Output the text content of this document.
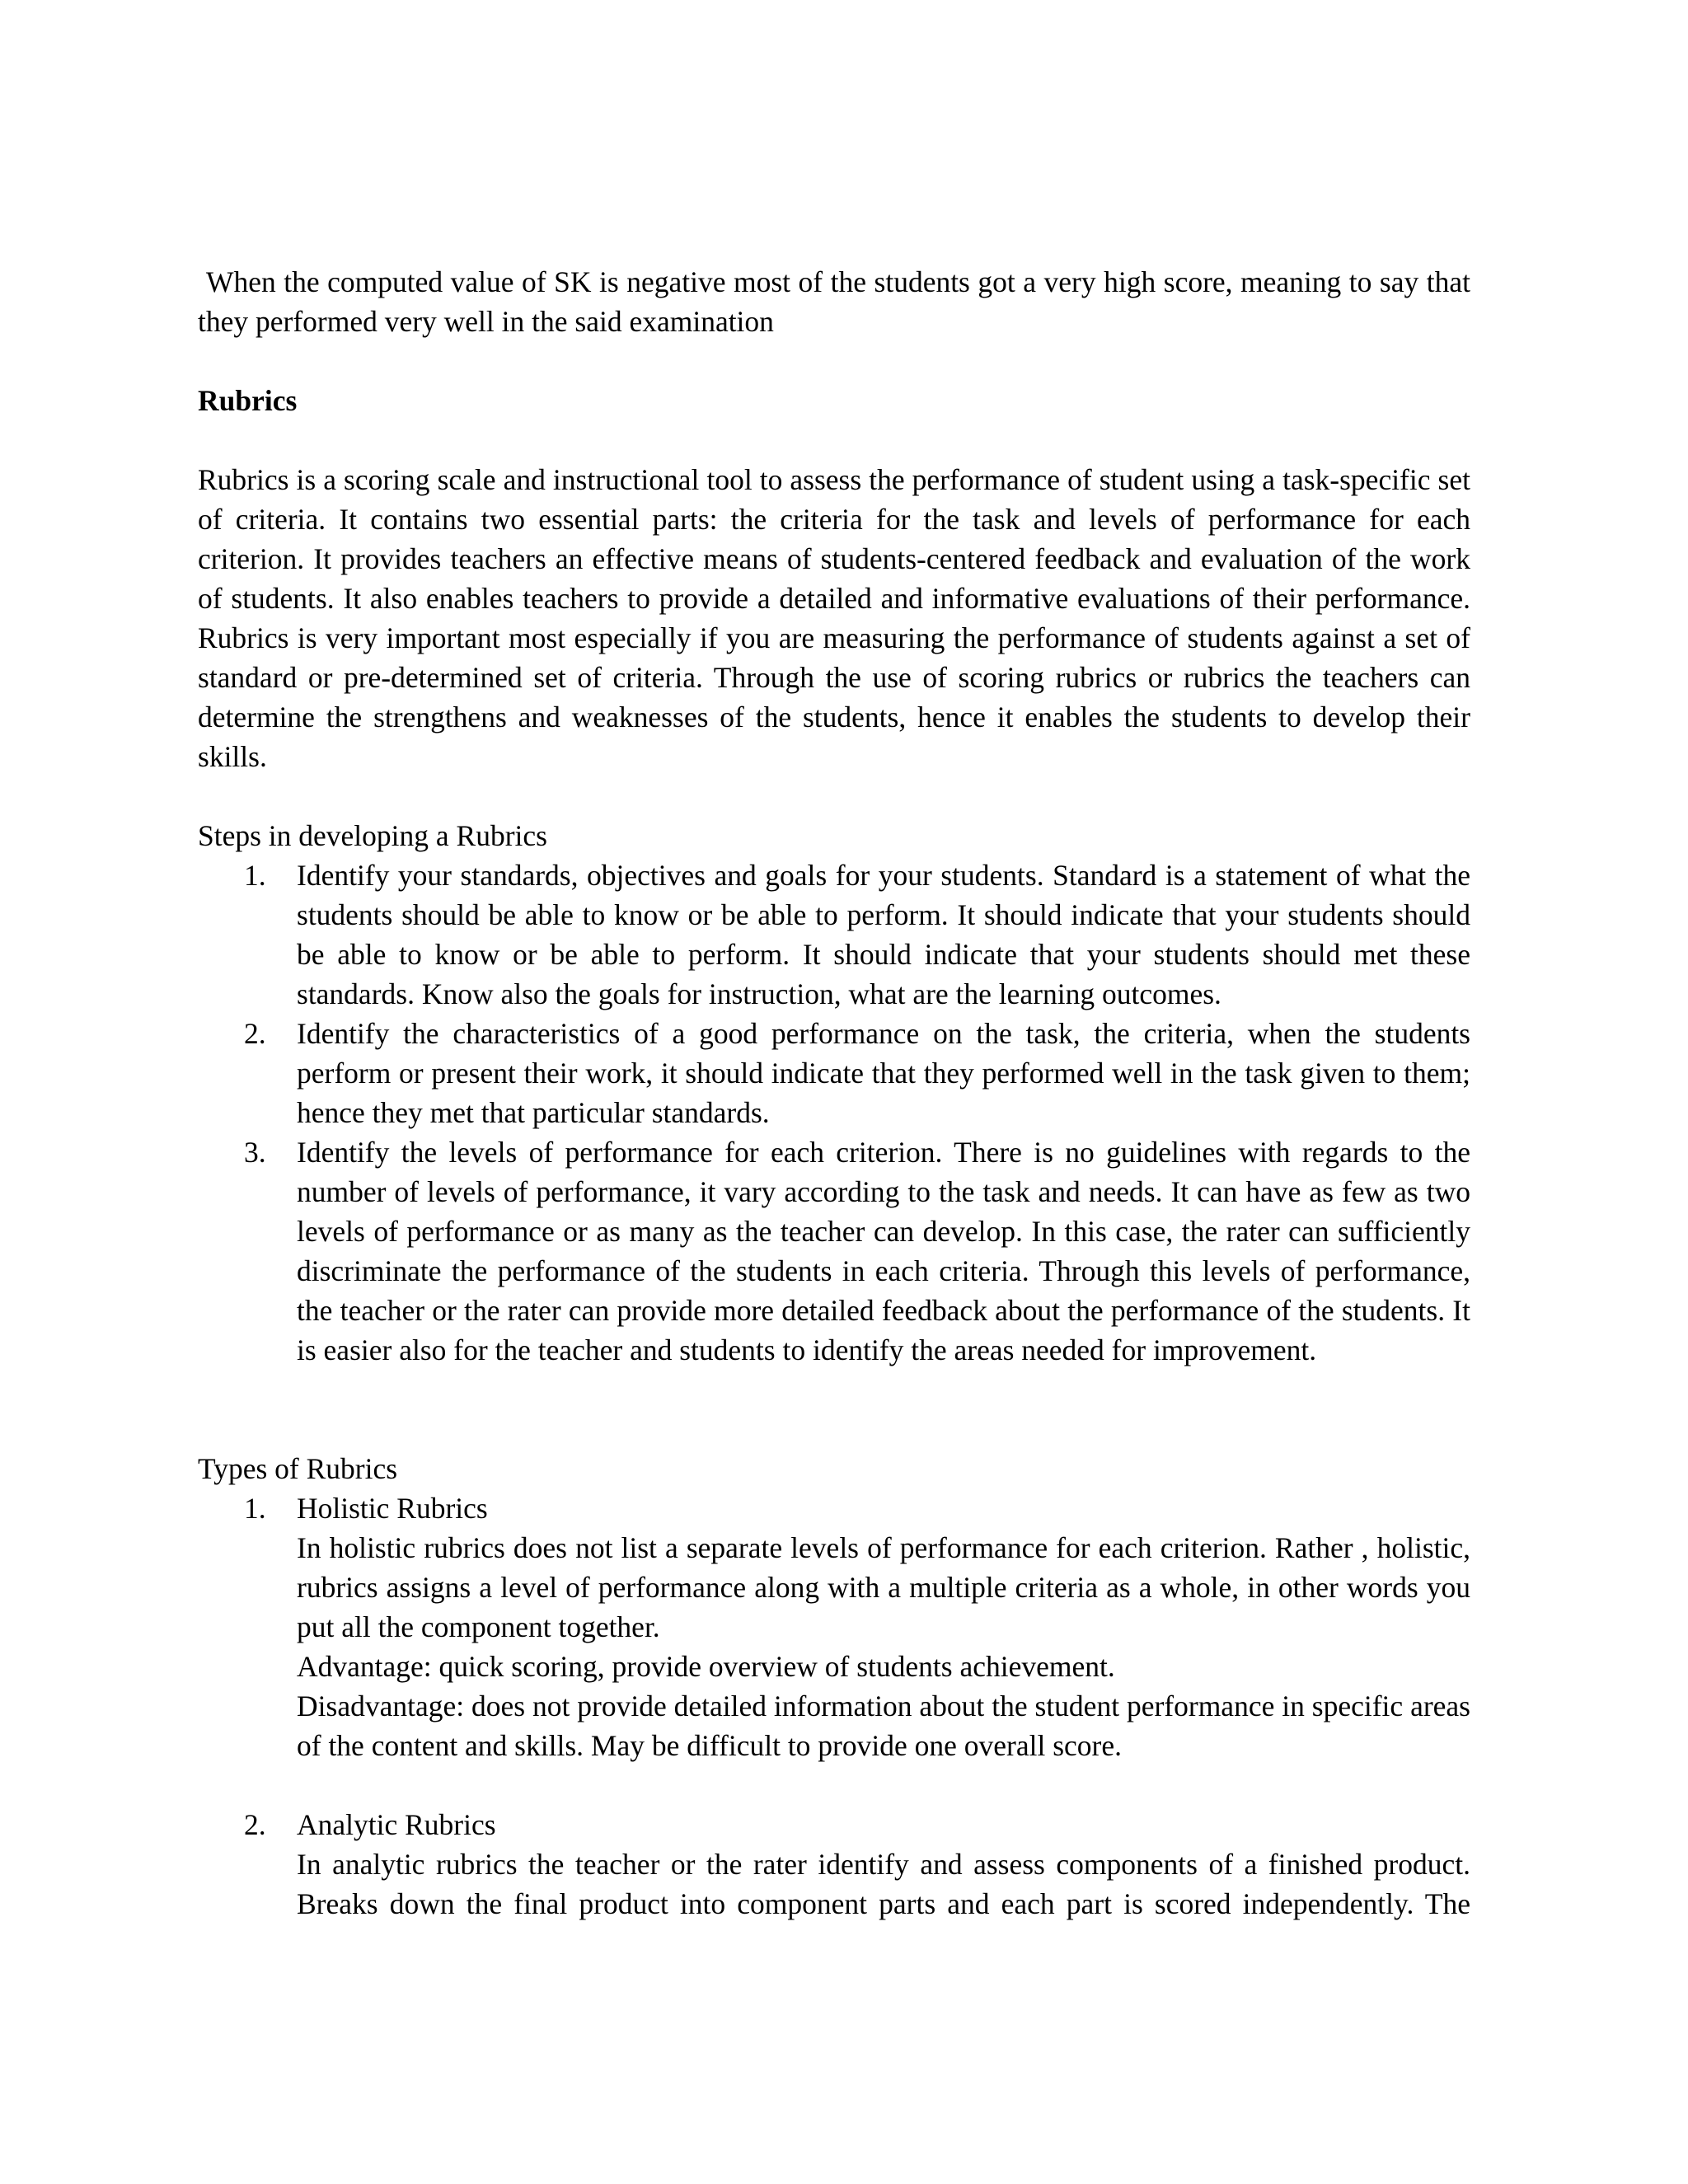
When the computed value of SK is negative most of the students got a very high score, meaning to say that they performed very well in the said examination

Rubrics

Rubrics is a scoring scale and instructional tool to assess the performance of student using a task-specific set of criteria. It contains two essential parts: the criteria for the task and levels of performance for each criterion. It provides teachers an effective means of students-centered feedback and evaluation of the work of students. It also enables teachers to provide a detailed and informative evaluations of their performance. Rubrics is very important most especially if you are measuring the performance of students against a set of standard or pre-determined set of criteria. Through the use of scoring rubrics or rubrics the teachers can determine the strengthens and weaknesses of the students, hence it enables the students to develop their skills.

Steps in developing a Rubrics

1. Identify your standards, objectives and goals for your students. Standard is a statement of what the students should be able to know or be able to perform. It should indicate that your students should be able to know or be able to perform. It should indicate that your students should met these standards. Know also the goals for instruction, what are the learning outcomes.

2. Identify the characteristics of a good performance on the task, the criteria, when the students perform or present their work, it should indicate that they performed well in the task given to them; hence they met that particular standards.

3. Identify the levels of performance for each criterion. There is no guidelines with regards to the number of levels of performance, it vary according to the task and needs. It can have as few as two levels of performance or as many as the teacher can develop. In this case, the rater can sufficiently discriminate the performance of the students in each criteria. Through this levels of performance, the teacher or the rater can provide more detailed feedback about the performance of the students. It is easier also for the teacher and students to identify the areas needed for improvement.

Types of Rubrics

1. Holistic Rubrics

In holistic rubrics does not list a separate levels of performance for each criterion. Rather , holistic, rubrics assigns a level of performance along with a multiple criteria as a whole, in other words you put all the component together.

Advantage: quick scoring, provide overview of students achievement.

Disadvantage: does not provide detailed information about the student performance in specific areas of the content and skills. May be difficult to provide one overall score.

2. Analytic Rubrics

In analytic rubrics the teacher or the rater identify and assess components of a finished product. Breaks down the final product into component parts and each part is scored independently. The
